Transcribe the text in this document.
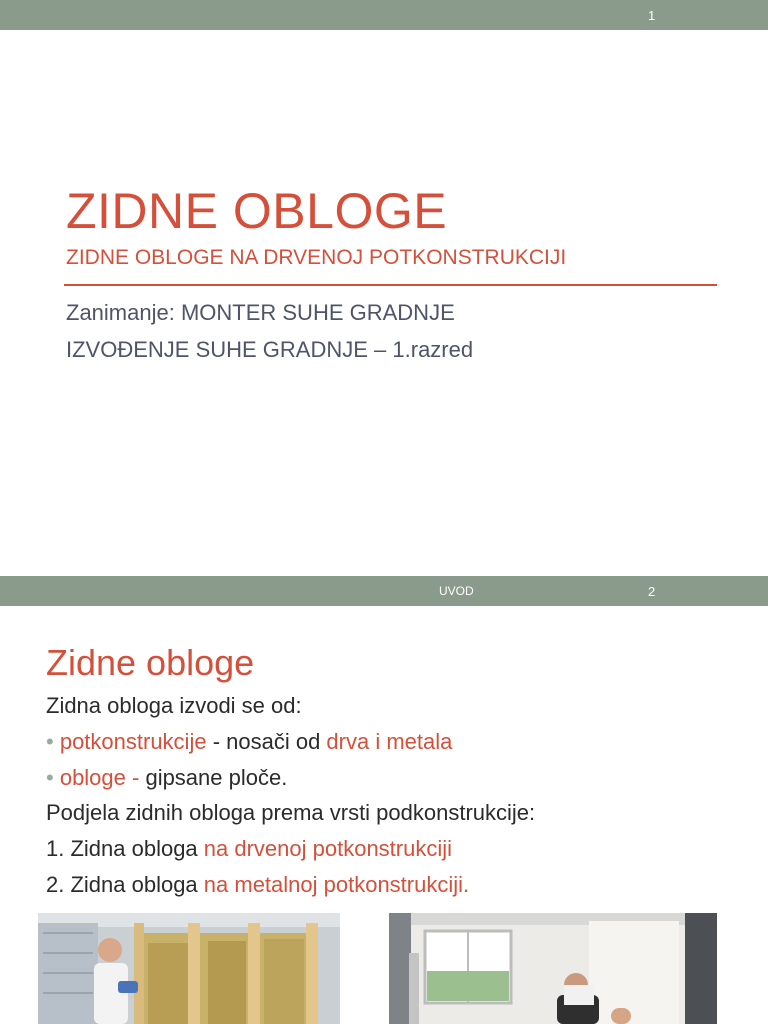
1
ZIDNE OBLOGE
ZIDNE OBLOGE NA DRVENOJ POTKONSTRUKCIJI
Zanimanje: MONTER SUHE GRADNJE
IZVOĐENJE SUHE GRADNJE – 1.razred
UVOD	2
Zidne obloge
Zidna obloga izvodi se od:
• potkonstrukcije - nosači od drva i metala
• obloge - gipsane ploče.
Podjela zidnih obloga prema vrsti podkonstrukcije:
1. Zidna obloga na drvenoj potkonstrukciji
2. Zidna obloga na metalnoj potkonstrukciji.
